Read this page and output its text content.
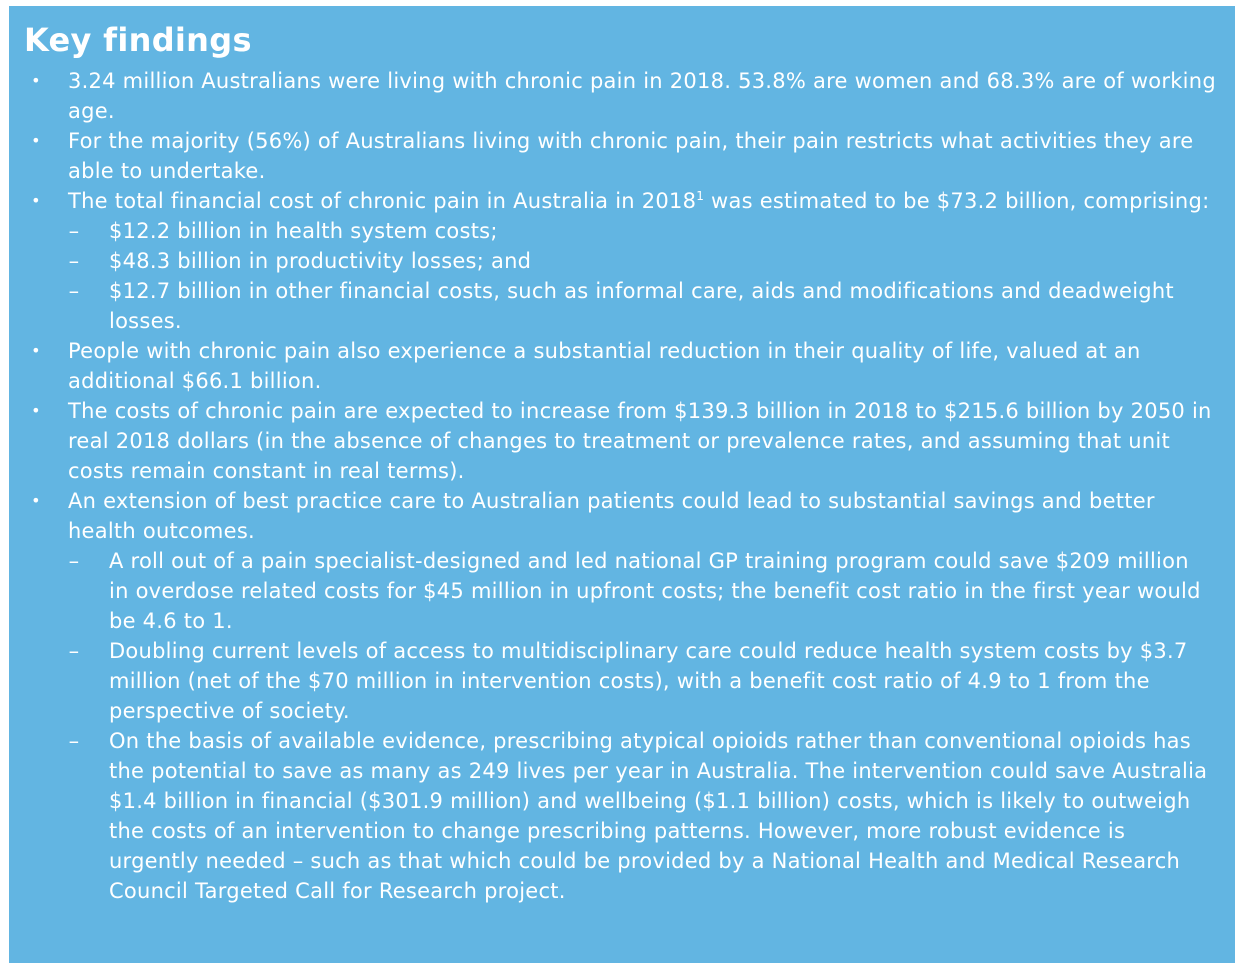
Key findings
• 3.24 million Australians were living with chronic pain in 2018. 53.8% are women and 68.3% are of working age.
• For the majority (56%) of Australians living with chronic pain, their pain restricts what activities they are able to undertake.
• The total financial cost of chronic pain in Australia in 2018$^1$ was estimated to be $73.2 billion, comprising:
– $12.2 billion in health system costs;
– $48.3 billion in productivity losses; and
– $12.7 billion in other financial costs, such as informal care, aids and modifications and deadweight losses.
• People with chronic pain also experience a substantial reduction in their quality of life, valued at an additional $66.1 billion.
• The costs of chronic pain are expected to increase from $139.3 billion in 2018 to $215.6 billion by 2050 in real 2018 dollars (in the absence of changes to treatment or prevalence rates, and assuming that unit costs remain constant in real terms).
• An extension of best practice care to Australian patients could lead to substantial savings and better health outcomes.
– A roll out of a pain specialist-designed and led national GP training program could save $209 million in overdose related costs for $45 million in upfront costs; the benefit cost ratio in the first year would be 4.6 to 1.
– Doubling current levels of access to multidisciplinary care could reduce health system costs by $3.7 million (net of the $70 million in intervention costs), with a benefit cost ratio of 4.9 to 1 from the perspective of society.
– On the basis of available evidence, prescribing atypical opioids rather than conventional opioids has the potential to save as many as 249 lives per year in Australia. The intervention could save Australia $1.4 billion in financial ($301.9 million) and wellbeing ($1.1 billion) costs, which is likely to outweigh the costs of an intervention to change prescribing patterns. However, more robust evidence is urgently needed – such as that which could be provided by a National Health and Medical Research Council Targeted Call for Research project.
